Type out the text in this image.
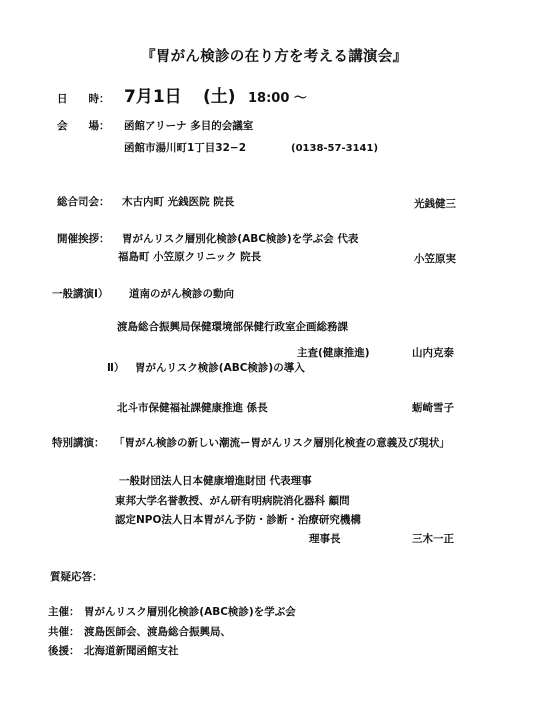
『胃がん検診の在り方を考える講演会』
日　　時： 7月1日 (土) 18:00 ～
会　　場： 函館アリーナ 多目的会議室
函館市湯川町1丁目32−2	(0138-57-3141)
総合司会： 木古内町 光銭医院 院長	光銭健三
開催挨拶： 胃がんリスク層別化検診(ABC検診)を学ぶ会 代表
福島町 小笠原クリニック 院長	小笠原実
一般講演Ⅰ） 道南のがん検診の動向
渡島総合振興局保健環境部保健行政室企画総務課
主査(健康推進)	山内克泰
Ⅱ） 胃がんリスク検診(ABC検診)の導入
北斗市保健福祉課健康推進 係長	蛎崎雪子
特別講演： 「胃がん検診の新しい潮流ー胃がんリスク層別化検査の意義及び現状」
一般財団法人日本健康増進財団 代表理事
東邦大学名誉教授、がん研有明病院消化器科 顧問
認定NPO法人日本胃がん予防・診断・治療研究機構
理事長	三木一正
質疑応答：
主催： 胃がんリスク層別化検診(ABC検診)を学ぶ会
共催： 渡島医師会、渡島総合振興局、
後援： 北海道新聞函館支社
